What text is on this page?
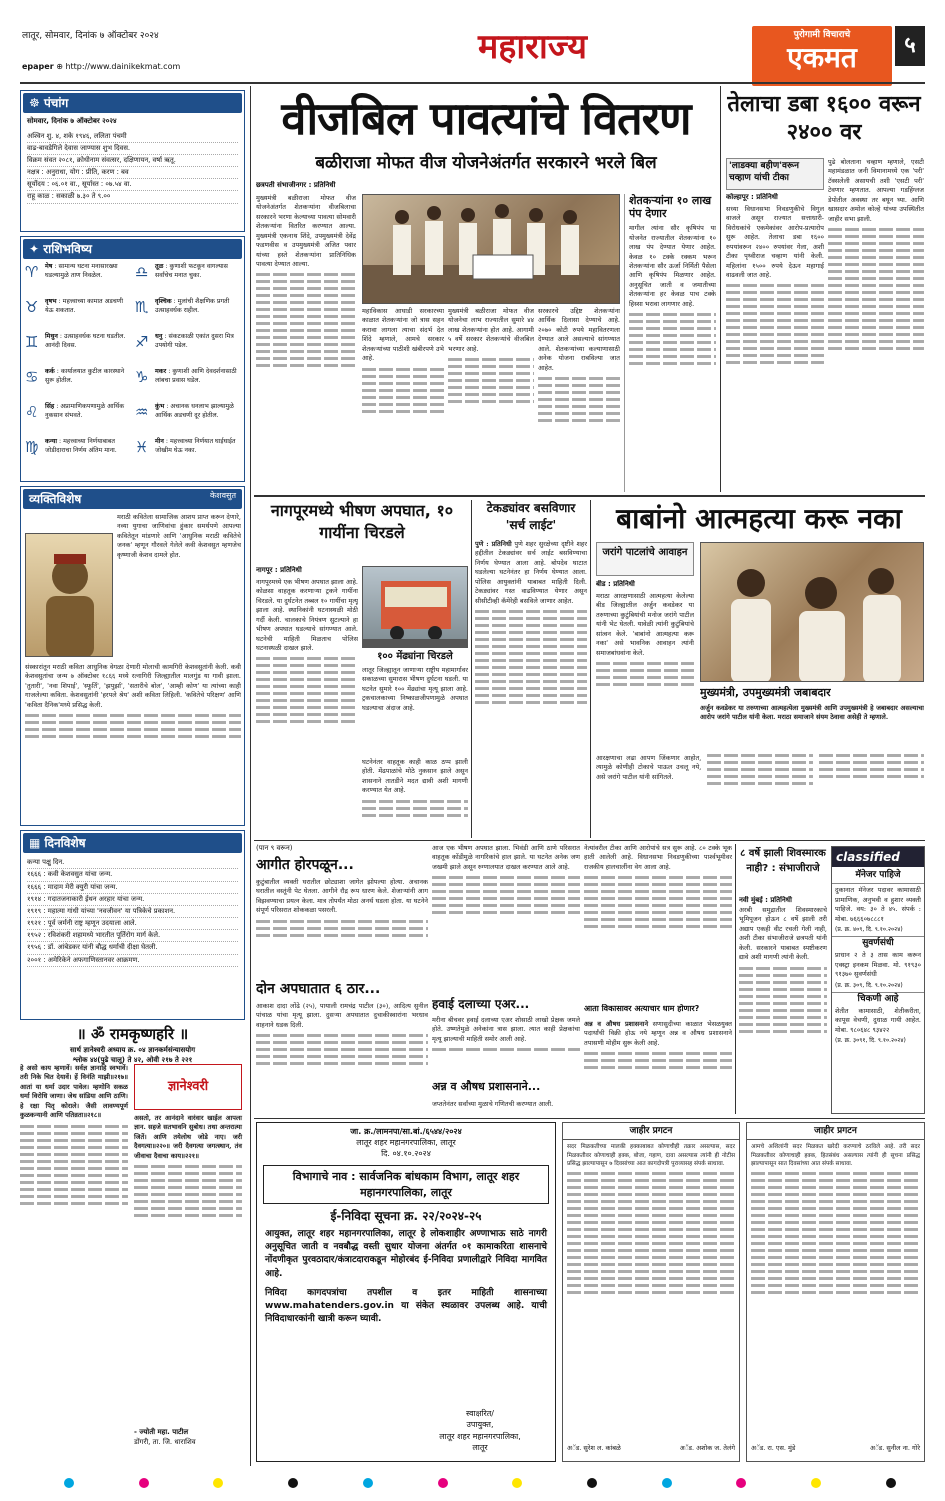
लातूर, सोमवार, दिनांक ७ ऑक्टोबर २०२४
epaper ⊕ http://www.dainikekmat.com	महाराज्य	पुरोगामी विचाराचे
एकमत	५
☸ पंचांग
सोमवार, दिनांक ७ ऑक्टोबर २०२४
अश्विन शु. ४, शके १९४६, ललिता पंचमी
वाढ-बावडेगिले देवास जाण्यास शुभ दिवस.
विक्रम संवत २०८१, क्रोधीनाम संवत्सर, दक्षिणायन, वर्षा ऋतू.
नक्षत्र : अनुराधा, योग : प्रीति, करण : बव
सूर्योदय : ०६.०१ वा., सूर्यास्त : ०७.५४ वा.
राहू काळ : सकाळी ७.३० ते ९.००
✦ राशिभविष्य
♈	मेष : सामान्य घटना मनासारख्या घडल्यामुळे ताण निवळेल.
♉	वृषभ : महत्त्वाच्या कामात अडचणी येऊ शकतात.
♊	मिथुन : उत्साहवर्धक घटना घडतील. आनंदी दिवस.
♋	कर्क : कार्यालयात कुटील कारस्थाने सुरू होतील.
♌	सिंह : अप्रामाणिकपणामुळे आर्थिक नुकसान संभवते.
♍	कन्या : महत्त्वाच्या निर्णयाबाबत जोडीदाराचा निर्णय अंतिम माना.
♎	तूळ : कुणाशी फटकून वागल्यास सर्वांचेच मनात चुका.
♏	वृश्चिक : मुलांची शैक्षणिक प्रगती उत्साहवर्धक राहील.
♐	धनु : संकटकाळी एकांत दुसरा मित्र उपयोगी पडेल.
♑	मकर : कुणाशी आणि देवदर्शनासाठी लांबचा प्रवास घडेल.
♒	कुंभ : अचानक धनलाभ झाल्यामुळे आर्थिक अडचणी दूर होतील.
♓	मीन : महत्त्वाच्या निर्णयात घाईघाईत जोखीम घेऊ नका.
व्यक्तिविशेष	केशवसुत
मराठी कवितेला सामाजिक आशय प्राप्त करून देणारे, नव्या युगाचा जाणिवांचा हुंकार समर्थपणे आपल्या कवितेतून मांडणारे आणि 'आधुनिक मराठी कवितेचे जनक' म्हणून गौरवले गेलेले कवी केशवसुत म्हणजेच कृष्णाजी केशव दामले होत.
संस्कारांतून मराठी कविता आधुनिक वेगळा देणारी मोलाची कामगिरी केशवसुतांनी केली. कवी केशवसुतांचा जन्म ७ ऑक्टोबर १८६६ मध्ये रत्नागिरी जिल्ह्यातील मालगुंड या गावी झाला. 'तुतारी', 'नवा शिपाई', 'स्फूर्ति', 'झपुर्झा', 'सतारीचे बोल', 'आम्ही कोण' या त्यांच्या काही गाजलेल्या कविता. केशवसुतांनी 'हरपले श्रेय' अशी कविता लिहिली. 'कवितेचे परिक्षण' आणि 'कविता दैनिक'मध्ये प्रसिद्ध केली.
▦ दिनविशेष
कन्या पक्षु दिन.
१६६६ : कवी केशवसुत यांचा जन्म.
१६६६ : मादाम मेरी क्युरी यांचा जन्म.
१९१४ : गदातजनाकारी ईथन अरहार यांचा जन्म.
१९१९ : महात्मा गांधी यांच्या 'नवजीवन' या पत्रिकेचे प्रकाशन.
१९२१ : पूर्व जर्मनी राष्ट्र म्हणून उदयाला आले.
१९५२ : रविशंकरी शहामध्ये भारतीत पूर्तिरोग मार्ग केले.
१९५६ : डॉ. आंबेडकर यांनी बौद्ध धर्माची दीक्षा घेतली.
२००१ : अमेरिकेने अफगाणिस्तानवर आक्रमण.
॥ ॐ रामकृष्णहरि ॥
सार्थ ज्ञानेश्वरी अध्याय क्र. ०४ ज्ञानकर्मसंन्यासयोग
श्लोक ४४(पुढे चालू) ते ४२, ओवी २१७ ते २२१
हे असो काय म्हणावें। सर्वज्ञ ज्ञानाहि स्वभावें। तरी निके चित देयावें। हें विनंति माझी॥२१७॥ आतां या धर्मा उदार पावेल। म्हणोनि सकळ धर्मा विरोधि जाणा। जेथ सांडिया आणि ठाणि। हे रक्षा पितृ कोराले। जैसी लावण्यपूर्ण कुळकन्यानी आणि पतिव्रता॥२१८॥
ज्ञानेश्वरी
असतो, तर आनंदाने वारंवार खाईल आपला ज्ञान. सहजे सतभावनि सुबोध। तथा अन्तरात्मा जितें। आणि तयेलोथ जोडे नाए। जरी दैवगत्या॥२२०॥ जरी दैवगत्या जगत्स्थान, तंव जीवाचा दैवाचा काय॥२२१॥
- ज्योती महा. पाटील
डोंगरी, ता. जि. धाराशिव
वीजबिल पावत्यांचे वितरण
बळीराजा मोफत वीज योजनेअंतर्गत सरकारने भरले बिल
छत्रपती संभाजीनगर : प्रतिनिधी
मुख्यमंत्री बळीराजा मोफत वीज योजनेअंतर्गत शेतकऱ्यांना वीजबिलाचा सरकारने भरणा केल्याच्या पावत्या सोमवारी शेतकऱ्यांना वितरित करण्यात आल्या. मुख्यमंत्री एकनाथ शिंदे, उपमुख्यमंत्री देवेंद्र फडणवीस व उपमुख्यमंत्री अजित पवार यांच्या हस्ते शेतकऱ्यांना प्रातिनिधिक पावत्या देण्यात आल्या.
महाविकास आघाडी सरकारच्या काळात शेतकऱ्यांना जो त्रास सहन करावा लागला त्याचा संदर्भ देत शिंदे म्हणाले, आमचे सरकार शेतकऱ्यांच्या पाठीशी खंबीरपणे उभे आहे.
मुख्यमंत्री बळीराजा मोफत वीज योजनेचा लाभ राज्यातील सुमारे ४४ लाख शेतकऱ्यांना होत आहे. आगामी ५ वर्षे सरकार शेतकऱ्यांचे वीजबिल भरणार आहे.
सरकारचे उद्दिष्ट शेतकऱ्यांना आर्थिक दिलासा देण्याचे आहे. २०७० कोटी रुपये महावितरणला देण्यात आले असल्याचे सांगण्यात आले. शेतकऱ्यांच्या कल्याणासाठी अनेक योजना राबविल्या जात आहेत.
शेतकऱ्यांना १० लाख पंप देणार
मागील त्यांना सौर कृषिपंप या योजनेत राज्यातील शेतकऱ्यांना १० लाख पंप देण्यात येणार आहेत. केवळ १० टक्के रक्कम भरून शेतकऱ्यांना सौर ऊर्जा निर्मिती पैसेला आणि कृषिपंप मिळणार आहेत. अनुसूचित जाती व जमातीच्या शेतकऱ्यांना हर केवळ पाच टक्के हिस्सा भरावा लागणार आहे.
तेलाचा डबा १६०० वरून २४०० वर
'लाडक्या बहीण'वरून चव्हाण यांची टीका
कोल्हापूर : प्रतिनिधी
सध्या विधानसभा निवडणुकीचे विगुल वाजले असून राज्यात सत्ताधारी-विरोधकांचे एकमेकांवर आरोप-प्रत्यारोप सुरू आहेत. तेलाचा डबा १६०० रुपयांवरून २४०० रुपयांवर गेला, अशी टीका पृथ्वीराज चव्हाण यांनी केली. महिलांना १५०० रुपये देऊन महागाई वाढवली जात आहे.
पुढे बोलताना चव्हाण म्हणाले, एसटी महामंडळात जनी विमानामध्ये एक 'परी' टॅक्सलेली असायची तशी 'एसटी परी' टेवणार म्हणतात. आपल्या गडहिंग्लज डेपोतील अवस्था तर बघून घ्या. आणि खासदार अमोल कोल्हे यांच्या उपस्थितीत जाहीर सभा झाली.
नागपूरमध्ये भीषण अपघात, १० गायींना चिरडले
नागपूर : प्रतिनिधी
नागपूरमध्ये एक भीषण अपघात झाला आहे. कोळसा वाहतूक करणाऱ्या ट्रकने गायींना चिरडले. या दुर्घटनेत तब्बल १० गायींचा मृत्यू झाला आहे. स्थानिकांनी घटनास्थळी मोठी गर्दी केली. चालकाचे नियंत्रण सुटल्याने हा भीषण अपघात घडल्याचे सांगण्यात आले. घटनेची माहिती मिळताच पोलिस घटनास्थळी दाखल झाले.
१०० मेंढ्यांना चिरडले
लातूर जिल्ह्यातून जाणाऱ्या राष्ट्रीय महामार्गावर सकाळच्या सुमारास भीषण दुर्घटना घडली. या घटनेत सुमारे १०० मेंढ्यांचा मृत्यू झाला आहे. ट्रकचालकाच्या निष्काळजीपणामुळे अपघात घडल्याचा अंदाज आहे.
घटनेनंतर वाहतूक काही काळ ठप्प झाली होती. मेंढपाळांचे मोठे नुकसान झाले असून शासनाने तातडीने मदत द्यावी अशी मागणी करण्यात येत आहे.
टेकड्यांवर बसविणार 'सर्च लाईट'
पुणे : प्रतिनिधी पुणे शहर सुरक्षेच्या दृष्टीने शहर हद्दीतील टेकड्यांवर सर्च लाईट बसविण्याचा निर्णय घेण्यात आला आहे. बोपदेव घाटात घडलेल्या घटनेनंतर हा निर्णय घेण्यात आला. पोलिस आयुक्तांनी याबाबत माहिती दिली. टेकड्यांवर गस्त वाढविण्यात येणार असून सीसीटीव्ही कॅमेरेही बसविले जाणार आहेत.
बाबांनो आत्महत्या करू नका
जरांगे पाटलांचे आवाहन
बीड : प्रतिनिधी
मराठा आरक्षणासाठी आत्महत्या केलेल्या बीड जिल्ह्यातील अर्जुन कवडेकर या तरुणाच्या कुटुंबियांची मनोज जरांगे पाटील यांनी भेट घेतली. यावेळी त्यांनी कुटुंबियांचे सांत्वन केले. 'बाबांनो आत्महत्या करू नका' असे भावनिक आवाहन त्यांनी समाजबांधवांना केले.
मुख्यमंत्री, उपमुख्यमंत्री जबाबदार
अर्जुन कवडेकर या तरुणाच्या आत्महत्येला मुख्यमंत्री आणि उपमुख्यमंत्री हे जबाबदार असल्याचा आरोप जरांगे पाटील यांनी केला. मराठा समाजाने संयम ठेवावा असेही ते म्हणाले.
आरक्षणाचा लढा आपण जिंकणार आहोत, त्यामुळे कोणीही टोकाचे पाऊल उचलू नये, असे जरांगे पाटील यांनी सांगितले.
(पान ९ वरून)
आगीत होरपळून...
कुटुंबातील व्यक्ती घरातील छोट्याशा जागेत झोपल्या होत्या. अचानक घरातील वस्तूंनी पेट घेतला. आगीने रौद्र रूप धारण केले. शेजाऱ्यांनी आग विझवण्याचा प्रयत्न केला. मात्र तोपर्यंत मोठा अनर्थ घडला होता. या घटनेने संपूर्ण परिसरात शोककळा पसरली.
दोन अपघातात ६ ठार...
आकाश दादा लोंढे (२५), पायाली रामचंद्र पाटील (३०), आदित्य सुनील पांचाळ यांचा मृत्यू झाला. दुसऱ्या अपघातात दुचाकीस्वारांना भरधाव वाहनाने धडक दिली.
आज एक भीषण अपघात झाला. भिवंडी आणि ठाणे परिसरात वाहतूक कोंडीमुळे नागरिकांचे हाल झाले. या घटनेत अनेक जण जखमी झाले असून रुग्णालयात दाखल करण्यात आले आहे.
हवाई दलाच्या एअर...
मरीना बीचवर हवाई दलाच्या एअर शोसाठी लाखो प्रेक्षक जमले होते. उष्णतेमुळे अनेकांना त्रास झाला. त्यात काही प्रेक्षकांचा मृत्यू झाल्याची माहिती समोर आली आहे.
अन्न व औषध प्रशासनाने...
जप्ततेनंतर सर्वांच्या मुळाचे गणितची करण्यात आली.
नेत्यांवरील टीका आणि आरोपांचे सत्र सुरू आहे. ८० टक्के भूक हाती आलेली आहे. विधानसभा निवडणुकीच्या पार्श्वभूमीवर राजकीय हालचालींना वेग आला आहे.
आता विकासावर अत्याचार धाम होणार?
अन्न व औषध प्रशासनाने सणासुदीच्या काळात भेसळयुक्त पदार्थांची विक्री होऊ नये म्हणून अन्न व औषध प्रशासनाने तपासणी मोहीम सुरू केली आहे.
८ वर्षे झाली शिवस्मारक नाही? : संभाजीराजे
नवी मुंबई : प्रतिनिधी
अरबी समुद्रातील शिवस्मारकाचे भूमिपूजन होऊन ८ वर्षे झाली तरी अद्याप एकही वीट रचली गेली नाही, अशी टीका संभाजीराजे छत्रपती यांनी केली. सरकारने याबाबत स्पष्टीकरण द्यावे अशी मागणी त्यांनी केली.
classified
मॅनेजर पाहिजे
दुकानात मॅनेजर पदावर कामासाठी प्रामाणिक, अनुभवी व हुशार व्यक्ती पाहिजे. वय: ३० ते ४५. संपर्क : मोबा. ७६६६०७८८८१
(प्र. क्र. ४०९, दि. ९.१०.२०२४)
सुवर्णसंधी
प्राधान २ ते ३ तास काम करून एक्स्ट्रा इनकम मिळवा. मो. ९१९३० ९१३७० सुवर्णसंधी
(प्र. क्र. ३०९, दि. ९.१०.२०२४)
चिकणी आहे
शेतीत कामासाठी, शेतीकरीता, कापूस वेचणी, दुधाळ गायी आहेत. मोबा. ९८०६४८ ९३४२२
(प्र. क्र. ३०९१, दि. ९.१०.२०२४)
जा. क्र./लामनपा/सा.बां./६५४४/२०२४
लातूर शहर महानगरपालिका, लातूर
दि. ०४.१०.२०२४
विभागाचे नाव : सार्वजनिक बांधकाम विभाग, लातूर शहर महानगरपालिका, लातूर
ई-निविदा सूचना क्र. २२/२०२४-२५
आयुक्त, लातूर शहर महानगरपालिका, लातूर हे लोकशाहीर अण्णाभाऊ साठे नागरी अनुसूचित जाती व नवबौद्ध वस्ती सुधार योजना अंतर्गत ०१ कामाकरिता शासनाचे नोंदणीकृत पुरवठादार/कंत्राटदाराकडून मोहोरबंद ई-निविदा प्रणालीद्वारे निविदा मागवित आहे.
निविदा कागदपत्रांचा तपशील व इतर माहिती शासनाच्या www.mahatenders.gov.in या संकेत स्थळावर उपलब्ध आहे. याची निविदाधारकांनी खात्री करून घ्यावी.
स्वाक्षरित/
उपायुक्त,
लातूर शहर महानगरपालिका,
लातूर
जाहीर प्रगटन
सदर मिळकतीच्या मालकी हक्काबाबत कोणाचीही तक्रार असल्यास, सदर मिळकतीवर कोणाचाही हक्क, बोजा, गहाण, दावा असल्यास त्यांनी ही नोटीस प्रसिद्ध झाल्यापासून ७ दिवसांच्या आत कागदोपत्री पुराव्यासह संपर्क साधावा.
अॅड. सुरेश ल. कांबळे	अॅड. अशोक ज. तेलंगे
जाहीर प्रगटन
आमचे अशिलांनी सदर मिळकत खरेदी करण्याचे ठरविले आहे. तरी सदर मिळकतीवर कोणाचाही हक्क, हितसंबंध असल्यास त्यांनी ही सूचना प्रसिद्ध झाल्यापासून सात दिवसांच्या आत संपर्क साधावा.
अॅड. रा. एस. मुंडे	अॅड. सुनील ना. गोरे
